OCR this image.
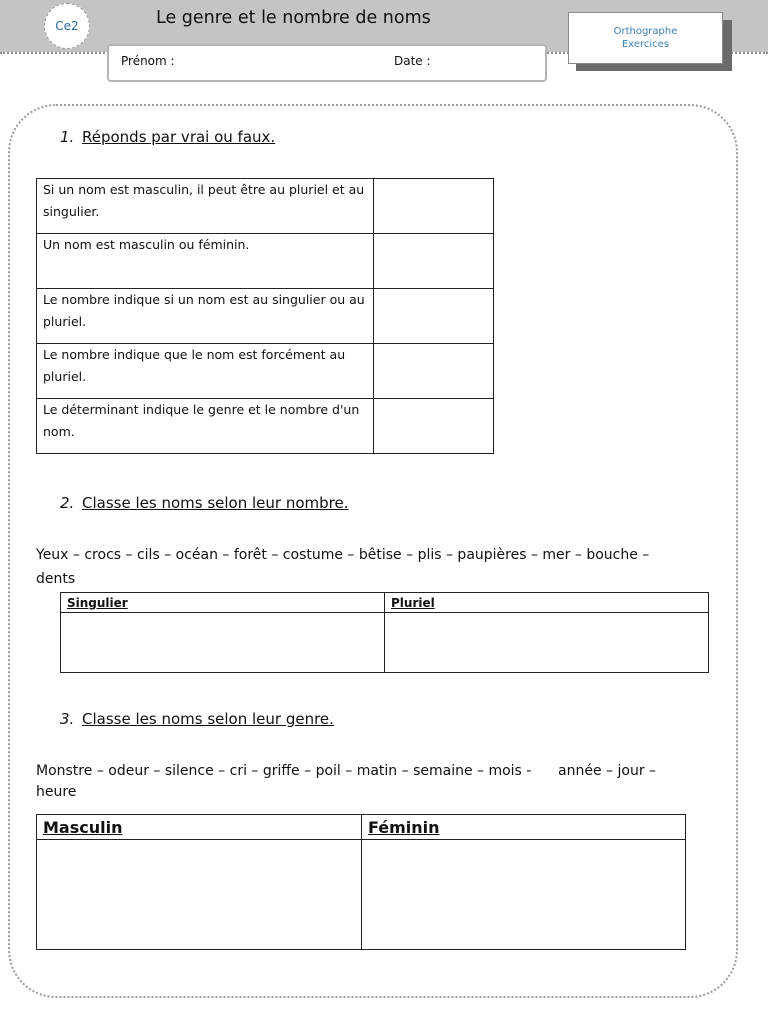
Ce2	Le genre et le nombre de noms
Prénom :	Date :
Orthographe
Exercices
1. Réponds par vrai ou faux.
Si un nom est masculin, il peut être au pluriel et au singulier.	
Un nom est masculin ou féminin.	
Le nombre indique si un nom est au singulier ou au pluriel.	
Le nombre indique que le nom est forcément au pluriel.	
Le déterminant indique le genre et le nombre d'un nom.	
2. Classe les noms selon leur nombre.
Yeux – crocs – cils – océan – forêt – costume – bêtise – plis – paupières – mer – bouche –
dents
Singulier	Pluriel

3. Classe les noms selon leur genre.
Monstre – odeur – silence – cri – griffe – poil – matin – semaine – mois -      année – jour –
heure
Masculin	Féminin
